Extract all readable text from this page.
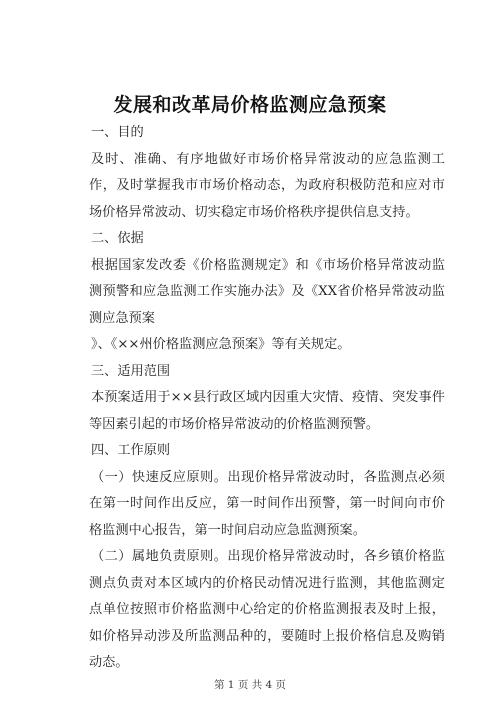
发展和改革局价格监测应急预案

一、目的

及时、准确、有序地做好市场价格异常波动的应急监测工作，及时掌握我市市场价格动态，为政府积极防范和应对市场价格异常波动、切实稳定市场价格秩序提供信息支持。

二、依据

根据国家发改委《价格监测规定》和《市场价格异常波动监测预警和应急监测工作实施办法》及《XX省价格异常波动监测应急预案

》、《××州价格监测应急预案》等有关规定。

三、适用范围

本预案适用于××县行政区域内因重大灾情、疫情、突发事件等因素引起的市场价格异常波动的价格监测预警。

四、工作原则

（一）快速反应原则。出现价格异常波动时，各监测点必须在第一时间作出反应，第一时间作出预警，第一时间向市价格监测中心报告，第一时间启动应急监测预案。

（二）属地负责原则。出现价格异常波动时，各乡镇价格监测点负责对本区域内的价格民动情况进行监测，其他监测定点单位按照市价格监测中心给定的价格监测报表及时上报，如价格异动涉及所监测品种的，要随时上报价格信息及购销动态。

第 1 页 共 4 页
